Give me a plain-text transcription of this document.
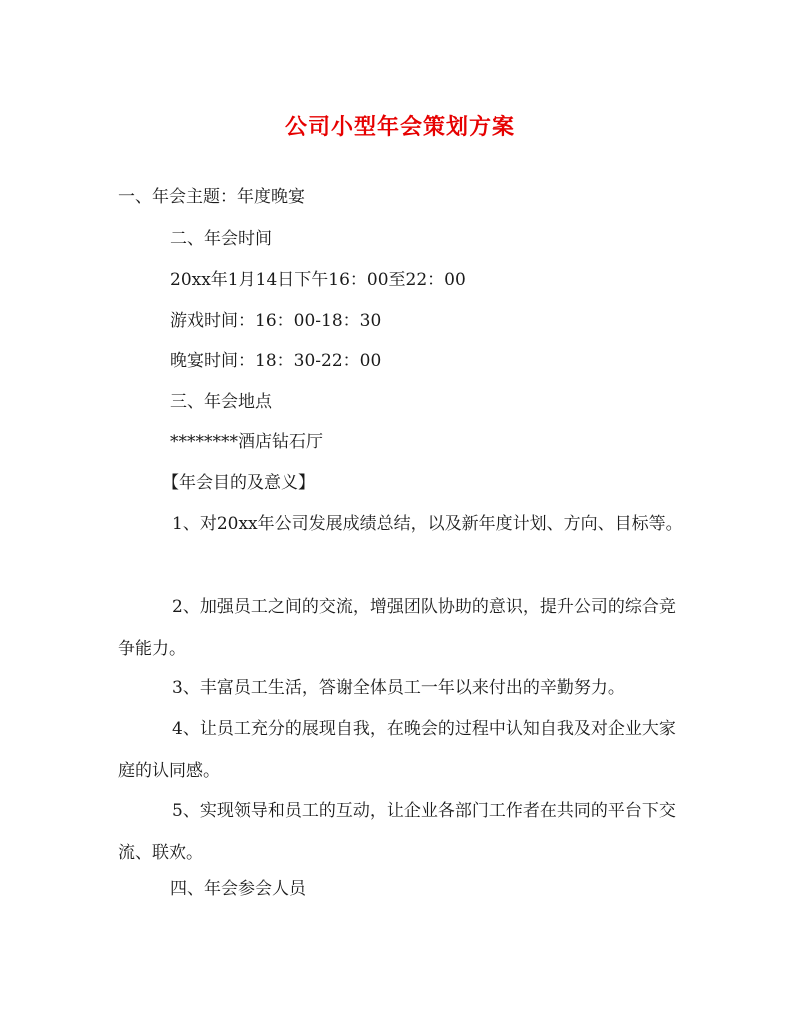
公司小型年会策划方案
一、年会主题：年度晚宴
二、年会时间
20xx年1月14日下午16：00至22：00
游戏时间：16：00-18：30
晚宴时间：18：30-22：00
三、年会地点
********酒店钻石厅
【年会目的及意义】
1、对20xx年公司发展成绩总结，以及新年度计划、方向、目标等。
2、加强员工之间的交流，增强团队协助的意识，提升公司的综合竞争能力。
3、丰富员工生活，答谢全体员工一年以来付出的辛勤努力。
4、让员工充分的展现自我，在晚会的过程中认知自我及对企业大家庭的认同感。
5、实现领导和员工的互动，让企业各部门工作者在共同的平台下交流、联欢。
四、年会参会人员
